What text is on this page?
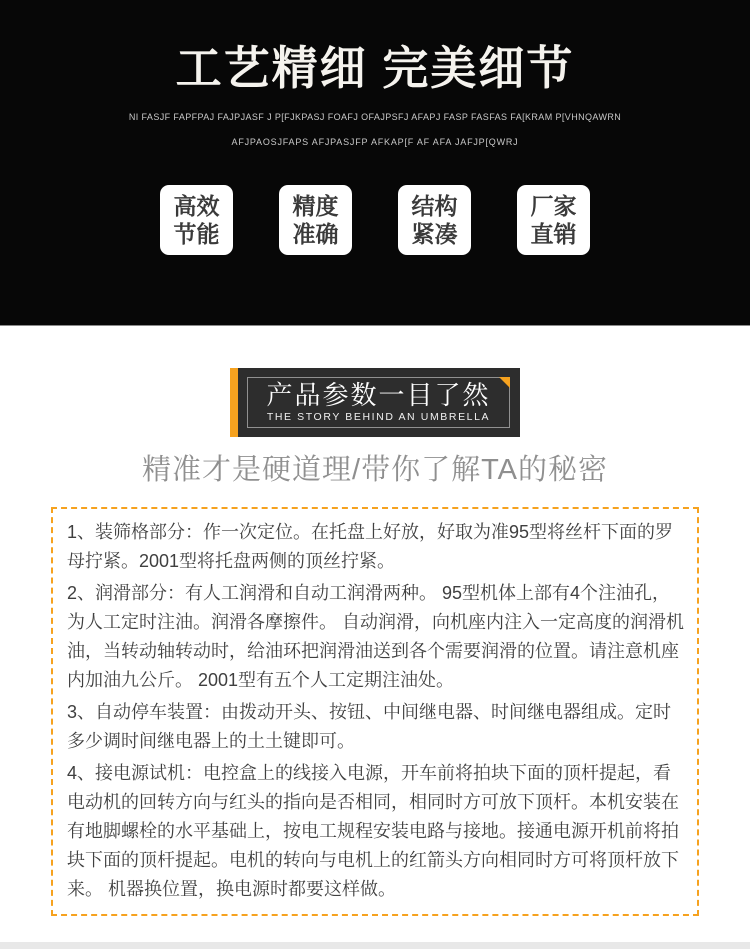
工艺精细 完美细节

NI FASJF FAPFPAJ FAJPJASF J P[FJKPASJ FOAFJ OFAJPSFJ AFAPJ FASP FASFAS FA[KRAM P[VHNQAWRN

AFJPAOSJFAPS AFJPASJFP AFKAP[F AF AFA JAFJP[QWRJ

高效
节能
精度
准确
结构
紧凑
厂家
直销
产品参数一目了然
THE STORY BEHIND AN UMBRELLA

精准才是硬道理/带你了解TA的秘密

1、装筛格部分：作一次定位。在托盘上好放，好取为准95型将丝杆下面的罗母拧紧。2001型将托盘两侧的顶丝拧紧。

2、润滑部分：有人工润滑和自动工润滑两种。 95型机体上部有4个注油孔，为人工定时注油。润滑各摩擦件。 自动润滑，向机座内注入一定高度的润滑机油，当转动轴转动时，给油环把润滑油送到各个需要润滑的位置。请注意机座内加油九公斤。 2001型有五个人工定期注油处。

3、自动停车装置：由拨动开头、按钮、中间继电器、时间继电器组成。定时多少调时间继电器上的土土键即可。

4、接电源试机：电控盒上的线接入电源，开车前将拍块下面的顶杆提起，看电动机的回转方向与红头的指向是否相同，相同时方可放下顶杆。本机安装在有地脚螺栓的水平基础上，按电工规程安装电路与接地。接通电源开机前将拍块下面的顶杆提起。电机的转向与电机上的红箭头方向相同时方可将顶杆放下来。 机器换位置，换电源时都要这样做。
